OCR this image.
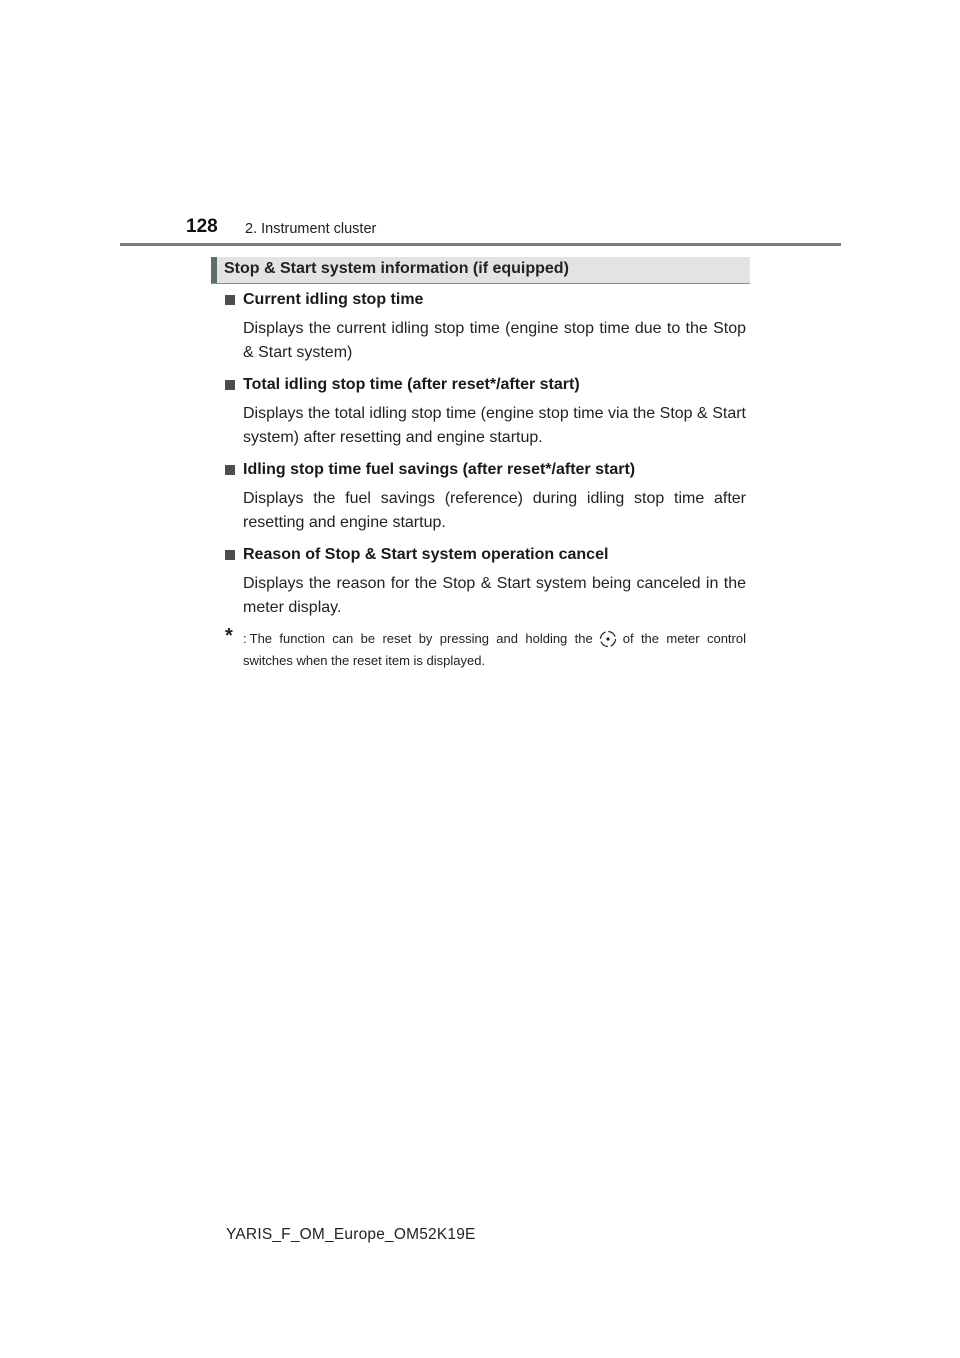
128 2. Instrument cluster
Stop & Start system information (if equipped)
Current idling stop time
Displays the current idling stop time (engine stop time due to the Stop & Start system)
Total idling stop time (after reset*/after start)
Displays the total idling stop time (engine stop time via the Stop & Start system) after resetting and engine startup.
Idling stop time fuel savings (after reset*/after start)
Displays the fuel savings (reference) during idling stop time after resetting and engine startup.
Reason of Stop & Start system operation cancel
Displays the reason for the Stop & Start system being canceled in the meter display.
* : The function can be reset by pressing and holding the of the meter control switches when the reset item is displayed.
YARIS_F_OM_Europe_OM52K19E
